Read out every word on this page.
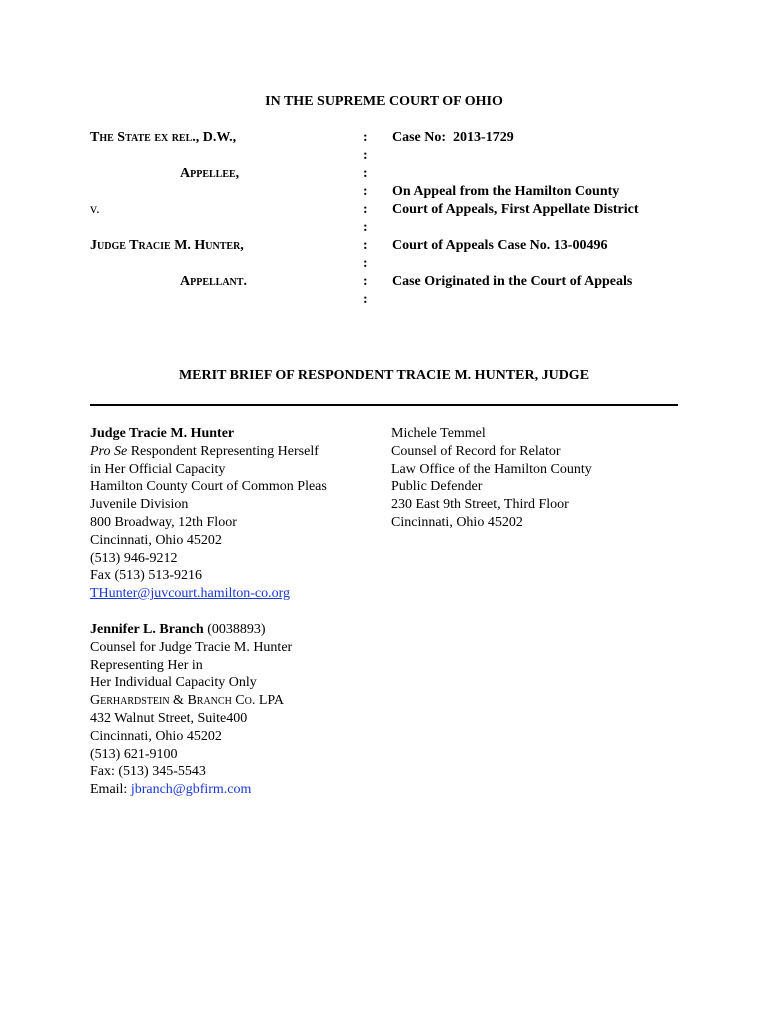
IN THE SUPREME COURT OF OHIO
The State ex rel., D.W.,
Appellee,
v.
Judge Tracie M. Hunter,
Appellant.
:
:
:
:
:
:
:
:
:
:
Case No: 2013-1729
On Appeal from the Hamilton County
Court of Appeals, First Appellate District
Court of Appeals Case No. 13-00496
Case Originated in the Court of Appeals
MERIT BRIEF OF RESPONDENT TRACIE M. HUNTER, JUDGE
Judge Tracie M. Hunter
Pro Se Respondent Representing Herself
in Her Official Capacity
Hamilton County Court of Common Pleas
Juvenile Division
800 Broadway, 12th Floor
Cincinnati, Ohio 45202
(513) 946-9212
Fax (513) 513-9216
THunter@juvcourt.hamilton-co.org
Jennifer L. Branch (0038893)
Counsel for Judge Tracie M. Hunter
Representing Her in
Her Individual Capacity Only
Gerhardstein & Branch Co. LPA
432 Walnut Street, Suite400
Cincinnati, Ohio 45202
(513) 621-9100
Fax: (513) 345-5543
Email: jbranch@gbfirm.com
Michele Temmel
Counsel of Record for Relator
Law Office of the Hamilton County
Public Defender
230 East 9th Street, Third Floor
Cincinnati, Ohio 45202
